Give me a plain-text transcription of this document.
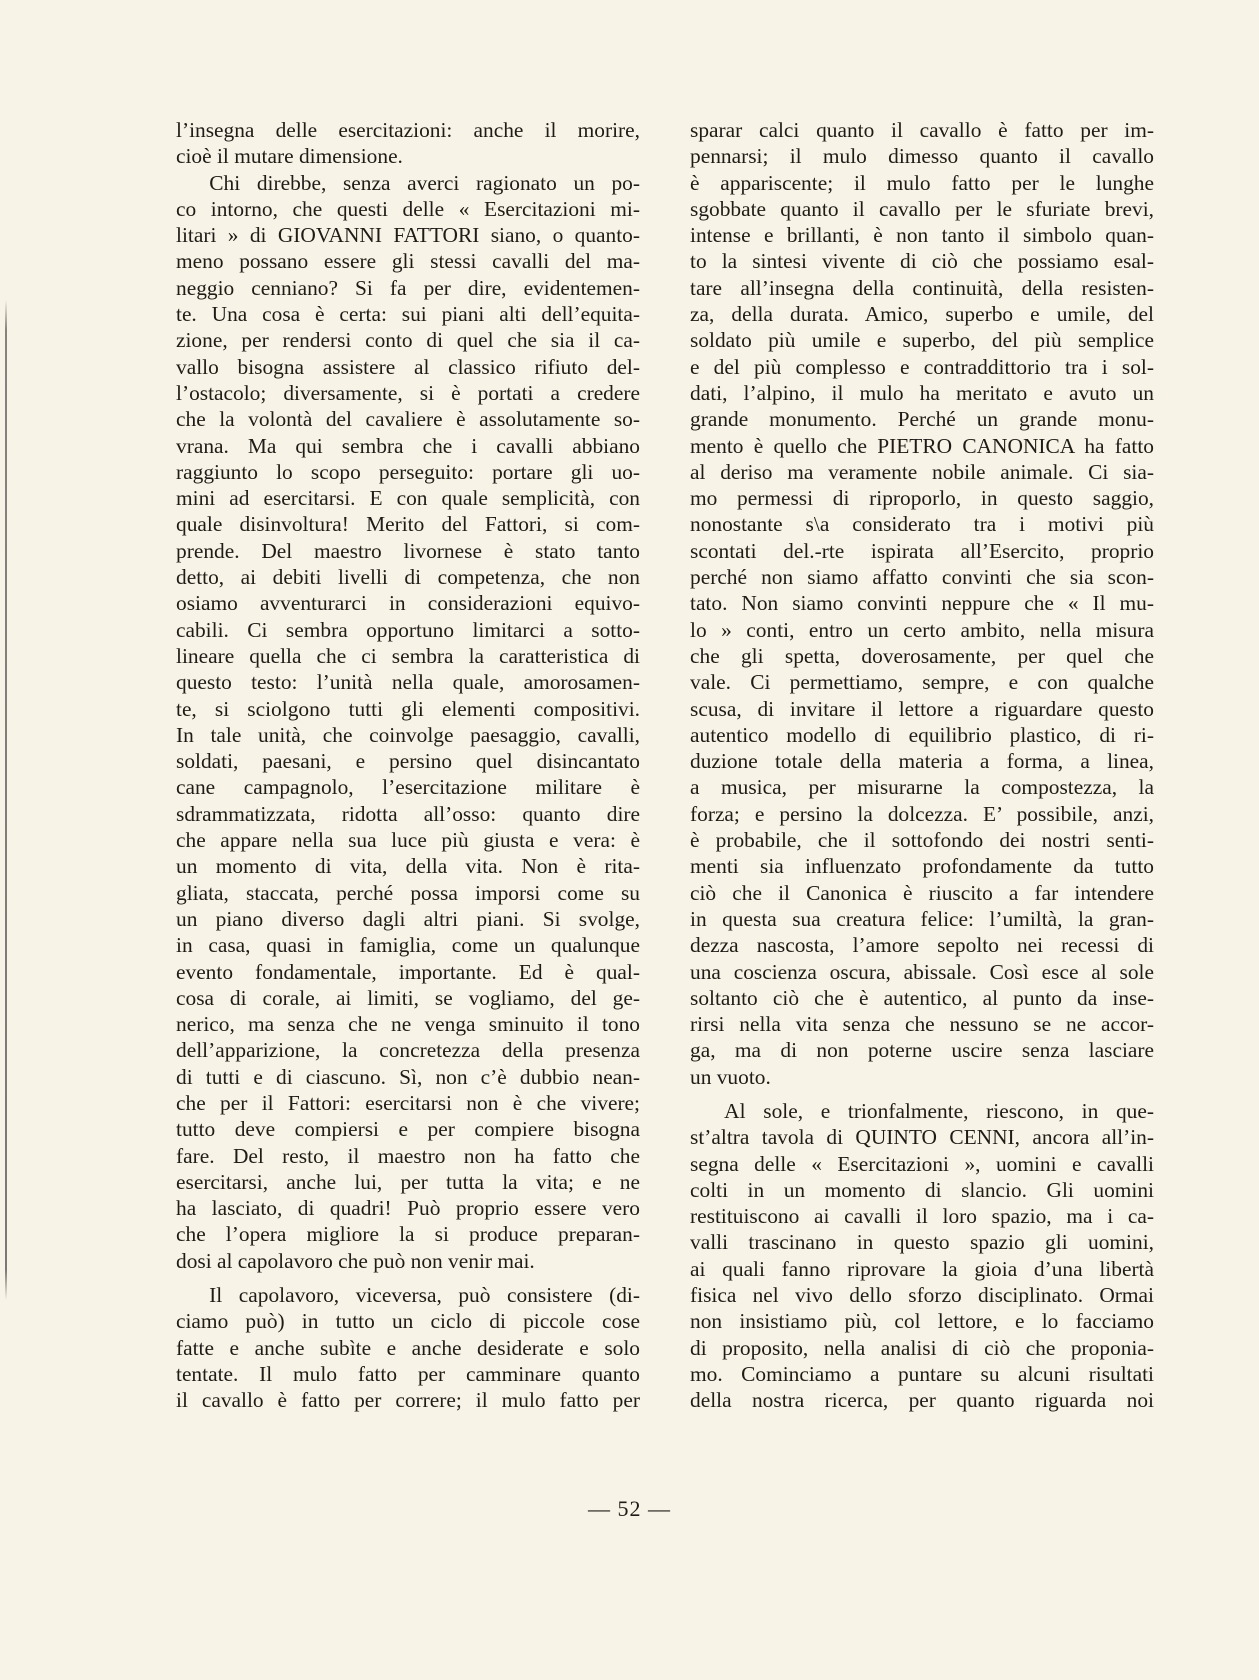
l’insegna delle esercitazioni: anche il morire,
cioè il mutare dimensione.
Chi direbbe, senza averci ragionato un po-
co intorno, che questi delle « Esercitazioni mi-
litari » di GIOVANNI FATTORI siano, o quanto-
meno possano essere gli stessi cavalli del ma-
neggio cenniano? Si fa per dire, evidentemen-
te. Una cosa è certa: sui piani alti dell’equita-
zione, per rendersi conto di quel che sia il ca-
vallo bisogna assistere al classico rifiuto del-
l’ostacolo; diversamente, si è portati a credere
che la volontà del cavaliere è assolutamente so-
vrana. Ma qui sembra che i cavalli abbiano
raggiunto lo scopo perseguito: portare gli uo-
mini ad esercitarsi. E con quale semplicità, con
quale disinvoltura! Merito del Fattori, si com-
prende. Del maestro livornese è stato tanto
detto, ai debiti livelli di competenza, che non
osiamo avventurarci in considerazioni equivo-
cabili. Ci sembra opportuno limitarci a sotto-
lineare quella che ci sembra la caratteristica di
questo testo: l’unità nella quale, amorosamen-
te, si sciolgono tutti gli elementi compositivi.
In tale unità, che coinvolge paesaggio, cavalli,
soldati, paesani, e persino quel disincantato
cane campagnolo, l’esercitazione militare è
sdrammatizzata, ridotta all’osso: quanto dire
che appare nella sua luce più giusta e vera: è
un momento di vita, della vita. Non è rita-
gliata, staccata, perché possa imporsi come su
un piano diverso dagli altri piani. Si svolge,
in casa, quasi in famiglia, come un qualunque
evento fondamentale, importante. Ed è qual-
cosa di corale, ai limiti, se vogliamo, del ge-
nerico, ma senza che ne venga sminuito il tono
dell’apparizione, la concretezza della presenza
di tutti e di ciascuno. Sì, non c’è dubbio nean-
che per il Fattori: esercitarsi non è che vivere;
tutto deve compiersi e per compiere bisogna
fare. Del resto, il maestro non ha fatto che
esercitarsi, anche lui, per tutta la vita; e ne
ha lasciato, di quadri! Può proprio essere vero
che l’opera migliore la si produce preparan-
dosi al capolavoro che può non venir mai.
Il capolavoro, viceversa, può consistere (di-
ciamo può) in tutto un ciclo di piccole cose
fatte e anche subìte e anche desiderate e solo
tentate. Il mulo fatto per camminare quanto
il cavallo è fatto per correre; il mulo fatto per
sparar calci quanto il cavallo è fatto per im-
pennarsi; il mulo dimesso quanto il cavallo
è appariscente; il mulo fatto per le lunghe
sgobbate quanto il cavallo per le sfuriate brevi,
intense e brillanti, è non tanto il simbolo quan-
to la sintesi vivente di ciò che possiamo esal-
tare all’insegna della continuità, della resisten-
za, della durata. Amico, superbo e umile, del
soldato più umile e superbo, del più semplice
e del più complesso e contraddittorio tra i sol-
dati, l’alpino, il mulo ha meritato e avuto un
grande monumento. Perché un grande monu-
mento è quello che PIETRO CANONICA ha fatto
al deriso ma veramente nobile animale. Ci sia-
mo permessi di riproporlo, in questo saggio,
nonostante s\a considerato tra i motivi più
scontati del.-rte ispirata all’Esercito, proprio
perché non siamo affatto convinti che sia scon-
tato. Non siamo convinti neppure che « Il mu-
lo » conti, entro un certo ambito, nella misura
che gli spetta, doverosamente, per quel che
vale. Ci permettiamo, sempre, e con qualche
scusa, di invitare il lettore a riguardare questo
autentico modello di equilibrio plastico, di ri-
duzione totale della materia a forma, a linea,
a musica, per misurarne la compostezza, la
forza; e persino la dolcezza. E’ possibile, anzi,
è probabile, che il sottofondo dei nostri senti-
menti sia influenzato profondamente da tutto
ciò che il Canonica è riuscito a far intendere
in questa sua creatura felice: l’umiltà, la gran-
dezza nascosta, l’amore sepolto nei recessi di
una coscienza oscura, abissale. Così esce al sole
soltanto ciò che è autentico, al punto da inse-
rirsi nella vita senza che nessuno se ne accor-
ga, ma di non poterne uscire senza lasciare
un vuoto.
Al sole, e trionfalmente, riescono, in que-
st’altra tavola di QUINTO CENNI, ancora all’in-
segna delle « Esercitazioni », uomini e cavalli
colti in un momento di slancio. Gli uomini
restituiscono ai cavalli il loro spazio, ma i ca-
valli trascinano in questo spazio gli uomini,
ai quali fanno riprovare la gioia d’una libertà
fisica nel vivo dello sforzo disciplinato. Ormai
non insistiamo più, col lettore, e lo facciamo
di proposito, nella analisi di ciò che proponia-
mo. Cominciamo a puntare su alcuni risultati
della nostra ricerca, per quanto riguarda noi
— 52 —
